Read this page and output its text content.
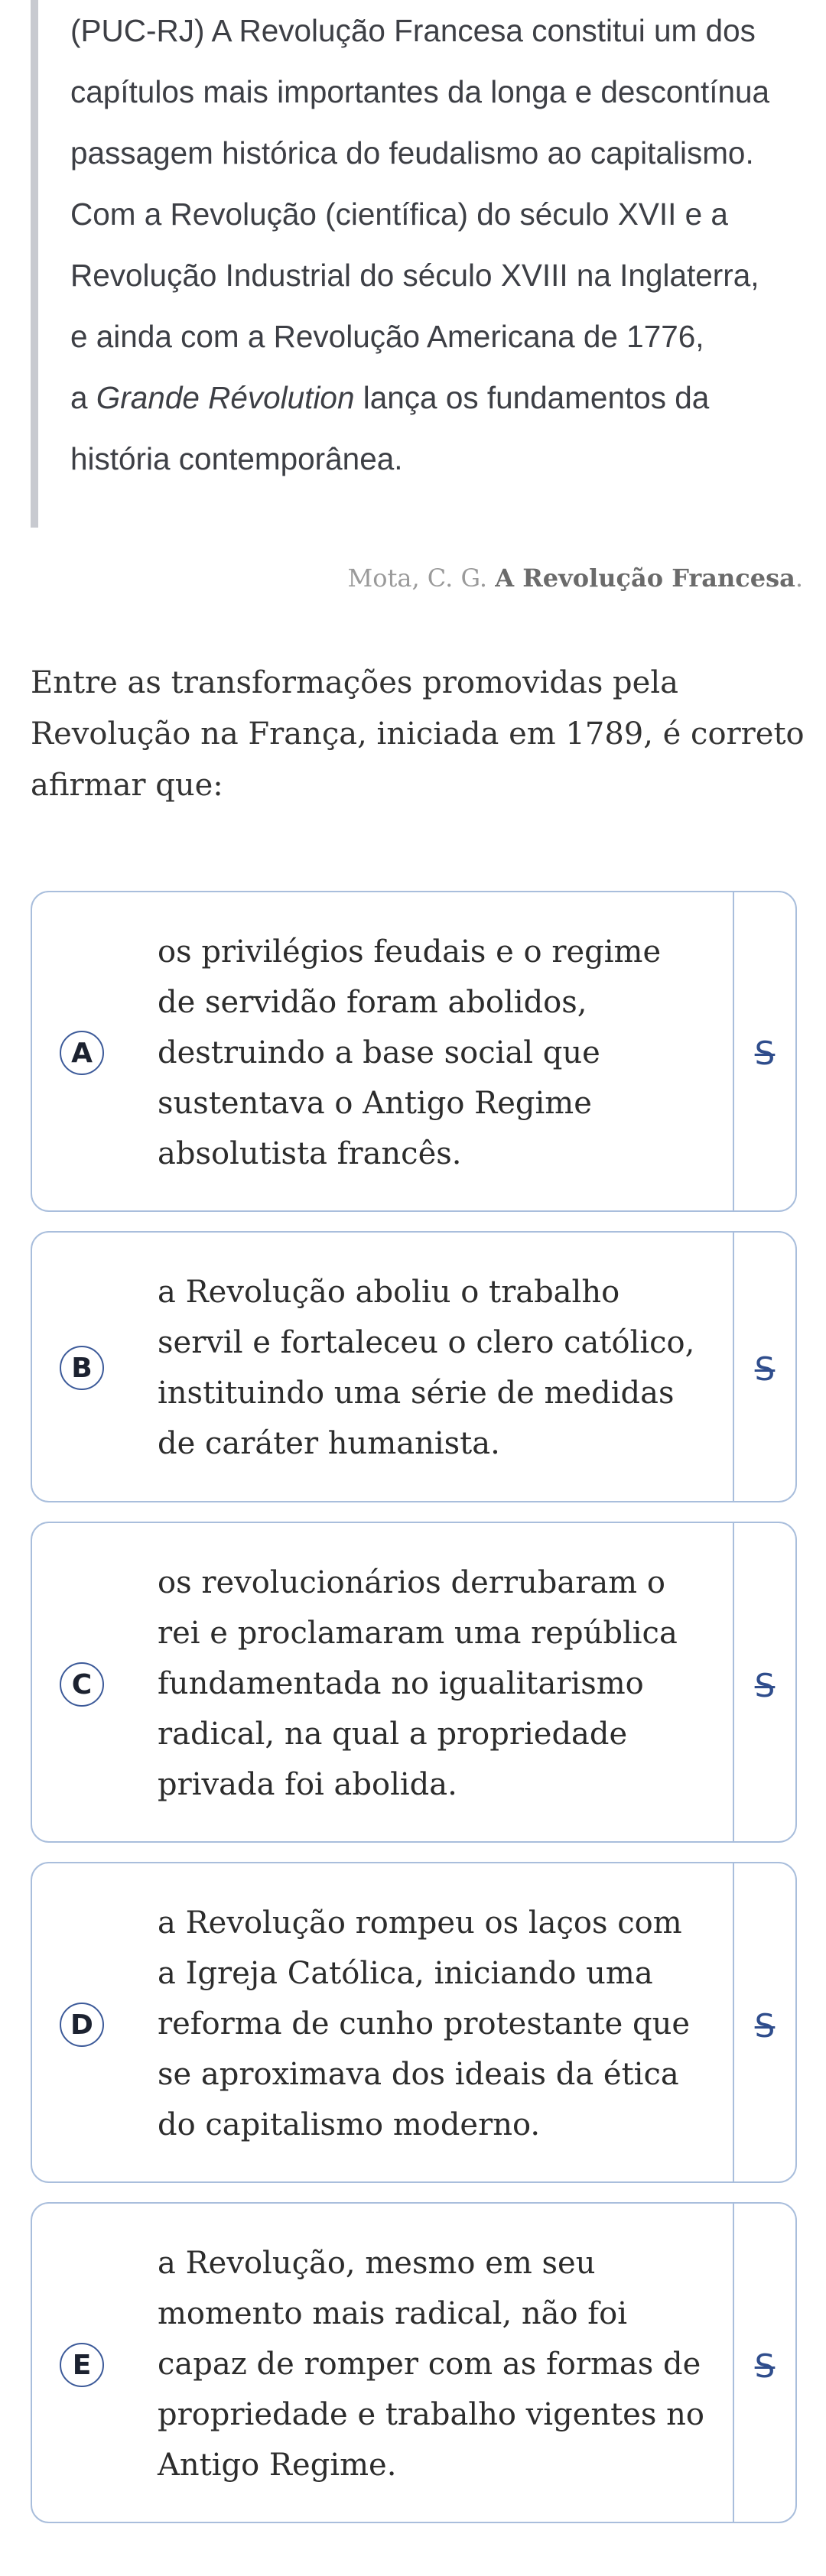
(PUC-RJ) A Revolução Francesa constitui um dos
capítulos mais importantes da longa e descontínua
passagem histórica do feudalismo ao capitalismo.
Com a Revolução (científica) do século XVII e a
Revolução Industrial do século XVIII na Inglaterra,
e ainda com a Revolução Americana de 1776,
a Grande Révolution lança os fundamentos da
história contemporânea.
Mota, C. G. A Revolução Francesa.
Entre as transformações promovidas pela
Revolução na França, iniciada em 1789, é correto
afirmar que:
A
os privilégios feudais e o regime
de servidão foram abolidos,
destruindo a base social que
sustentava o Antigo Regime
absolutista francês.
S
B
a Revolução aboliu o trabalho
servil e fortaleceu o clero católico,
instituindo uma série de medidas
de caráter humanista.
S
C
os revolucionários derrubaram o
rei e proclamaram uma república
fundamentada no igualitarismo
radical, na qual a propriedade
privada foi abolida.
S
D
a Revolução rompeu os laços com
a Igreja Católica, iniciando uma
reforma de cunho protestante que
se aproximava dos ideais da ética
do capitalismo moderno.
S
E
a Revolução, mesmo em seu
momento mais radical, não foi
capaz de romper com as formas de
propriedade e trabalho vigentes no
Antigo Regime.
S
